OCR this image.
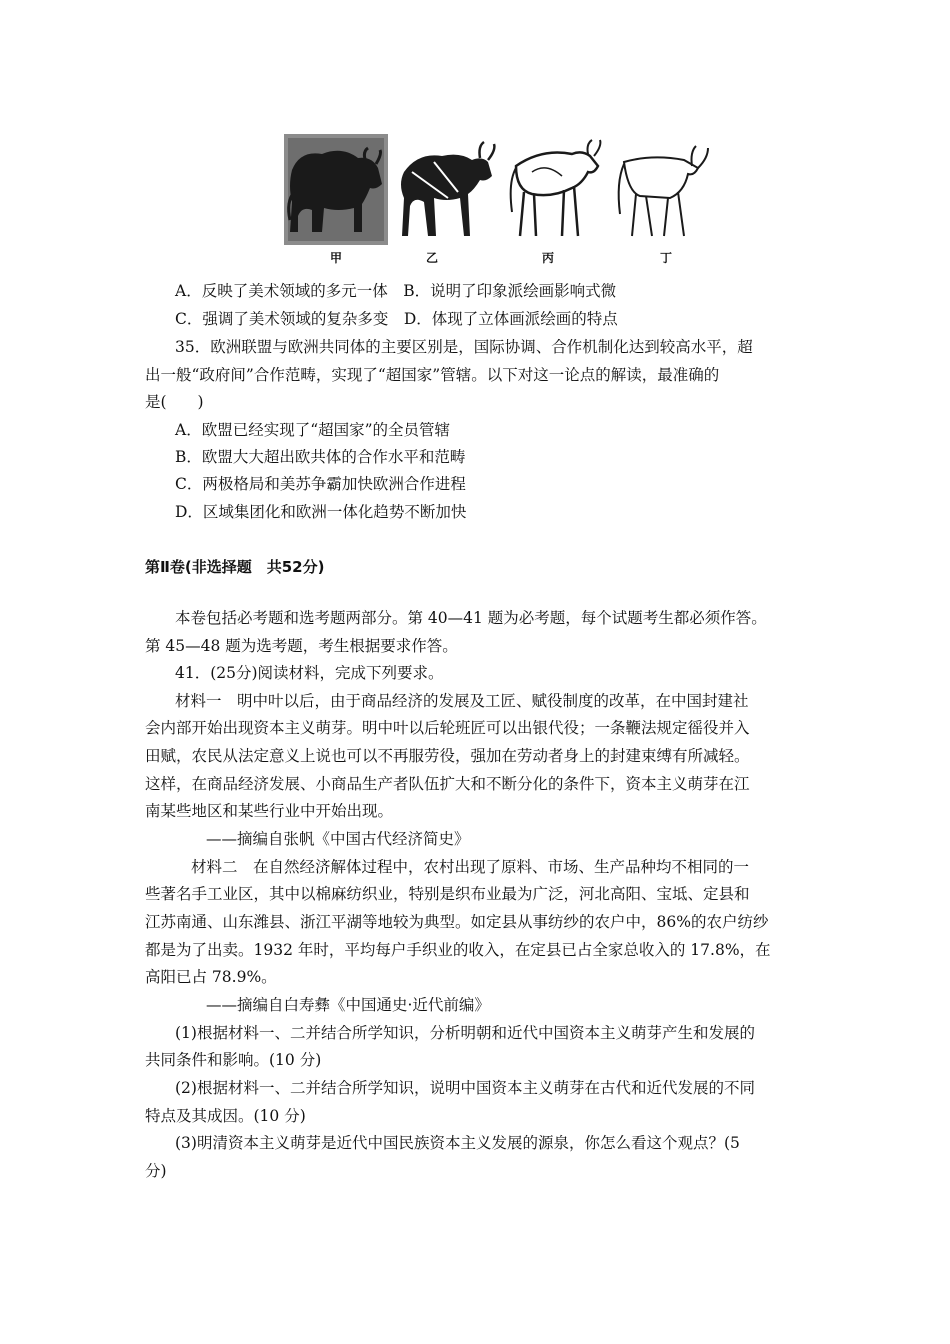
甲	乙	丙	丁
A．反映了美术领域的多元一体　B．说明了印象派绘画影响式微
C．强调了美术领域的复杂多变　D．体现了立体画派绘画的特点
35．欧洲联盟与欧洲共同体的主要区别是，国际协调、合作机制化达到较高水平，超
出一般“政府间”合作范畴，实现了“超国家”管辖。以下对这一论点的解读，最准确的
是(　　)
A．欧盟已经实现了“超国家”的全员管辖
B．欧盟大大超出欧共体的合作水平和范畴
C．两极格局和美苏争霸加快欧洲合作进程
D．区域集团化和欧洲一体化趋势不断加快
第Ⅱ卷(非选择题　共52分)
本卷包括必考题和选考题两部分。第 40—41 题为必考题，每个试题考生都必须作答。
第 45—48 题为选考题，考生根据要求作答。
41．(25分)阅读材料，完成下列要求。
材料一　明中叶以后，由于商品经济的发展及工匠、赋役制度的改革，在中国封建社
会内部开始出现资本主义萌芽。明中叶以后轮班匠可以出银代役；一条鞭法规定徭役并入
田赋，农民从法定意义上说也可以不再服劳役，强加在劳动者身上的封建束缚有所减轻。
这样，在商品经济发展、小商品生产者队伍扩大和不断分化的条件下，资本主义萌芽在江
南某些地区和某些行业中开始出现。
——摘编自张帆《中国古代经济简史》
材料二　在自然经济解体过程中，农村出现了原料、市场、生产品种均不相同的一
些著名手工业区，其中以棉麻纺织业，特别是织布业最为广泛，河北高阳、宝坻、定县和
江苏南通、山东潍县、浙江平湖等地较为典型。如定县从事纺纱的农户中，86%的农户纺纱
都是为了出卖。1932 年时，平均每户手织业的收入，在定县已占全家总收入的 17.8%，在
高阳已占 78.9%。
——摘编自白寿彝《中国通史·近代前编》
(1)根据材料一、二并结合所学知识，分析明朝和近代中国资本主义萌芽产生和发展的
共同条件和影响。(10 分)
(2)根据材料一、二并结合所学知识，说明中国资本主义萌芽在古代和近代发展的不同
特点及其成因。(10 分)
(3)明清资本主义萌芽是近代中国民族资本主义发展的源泉，你怎么看这个观点？(5
分)
